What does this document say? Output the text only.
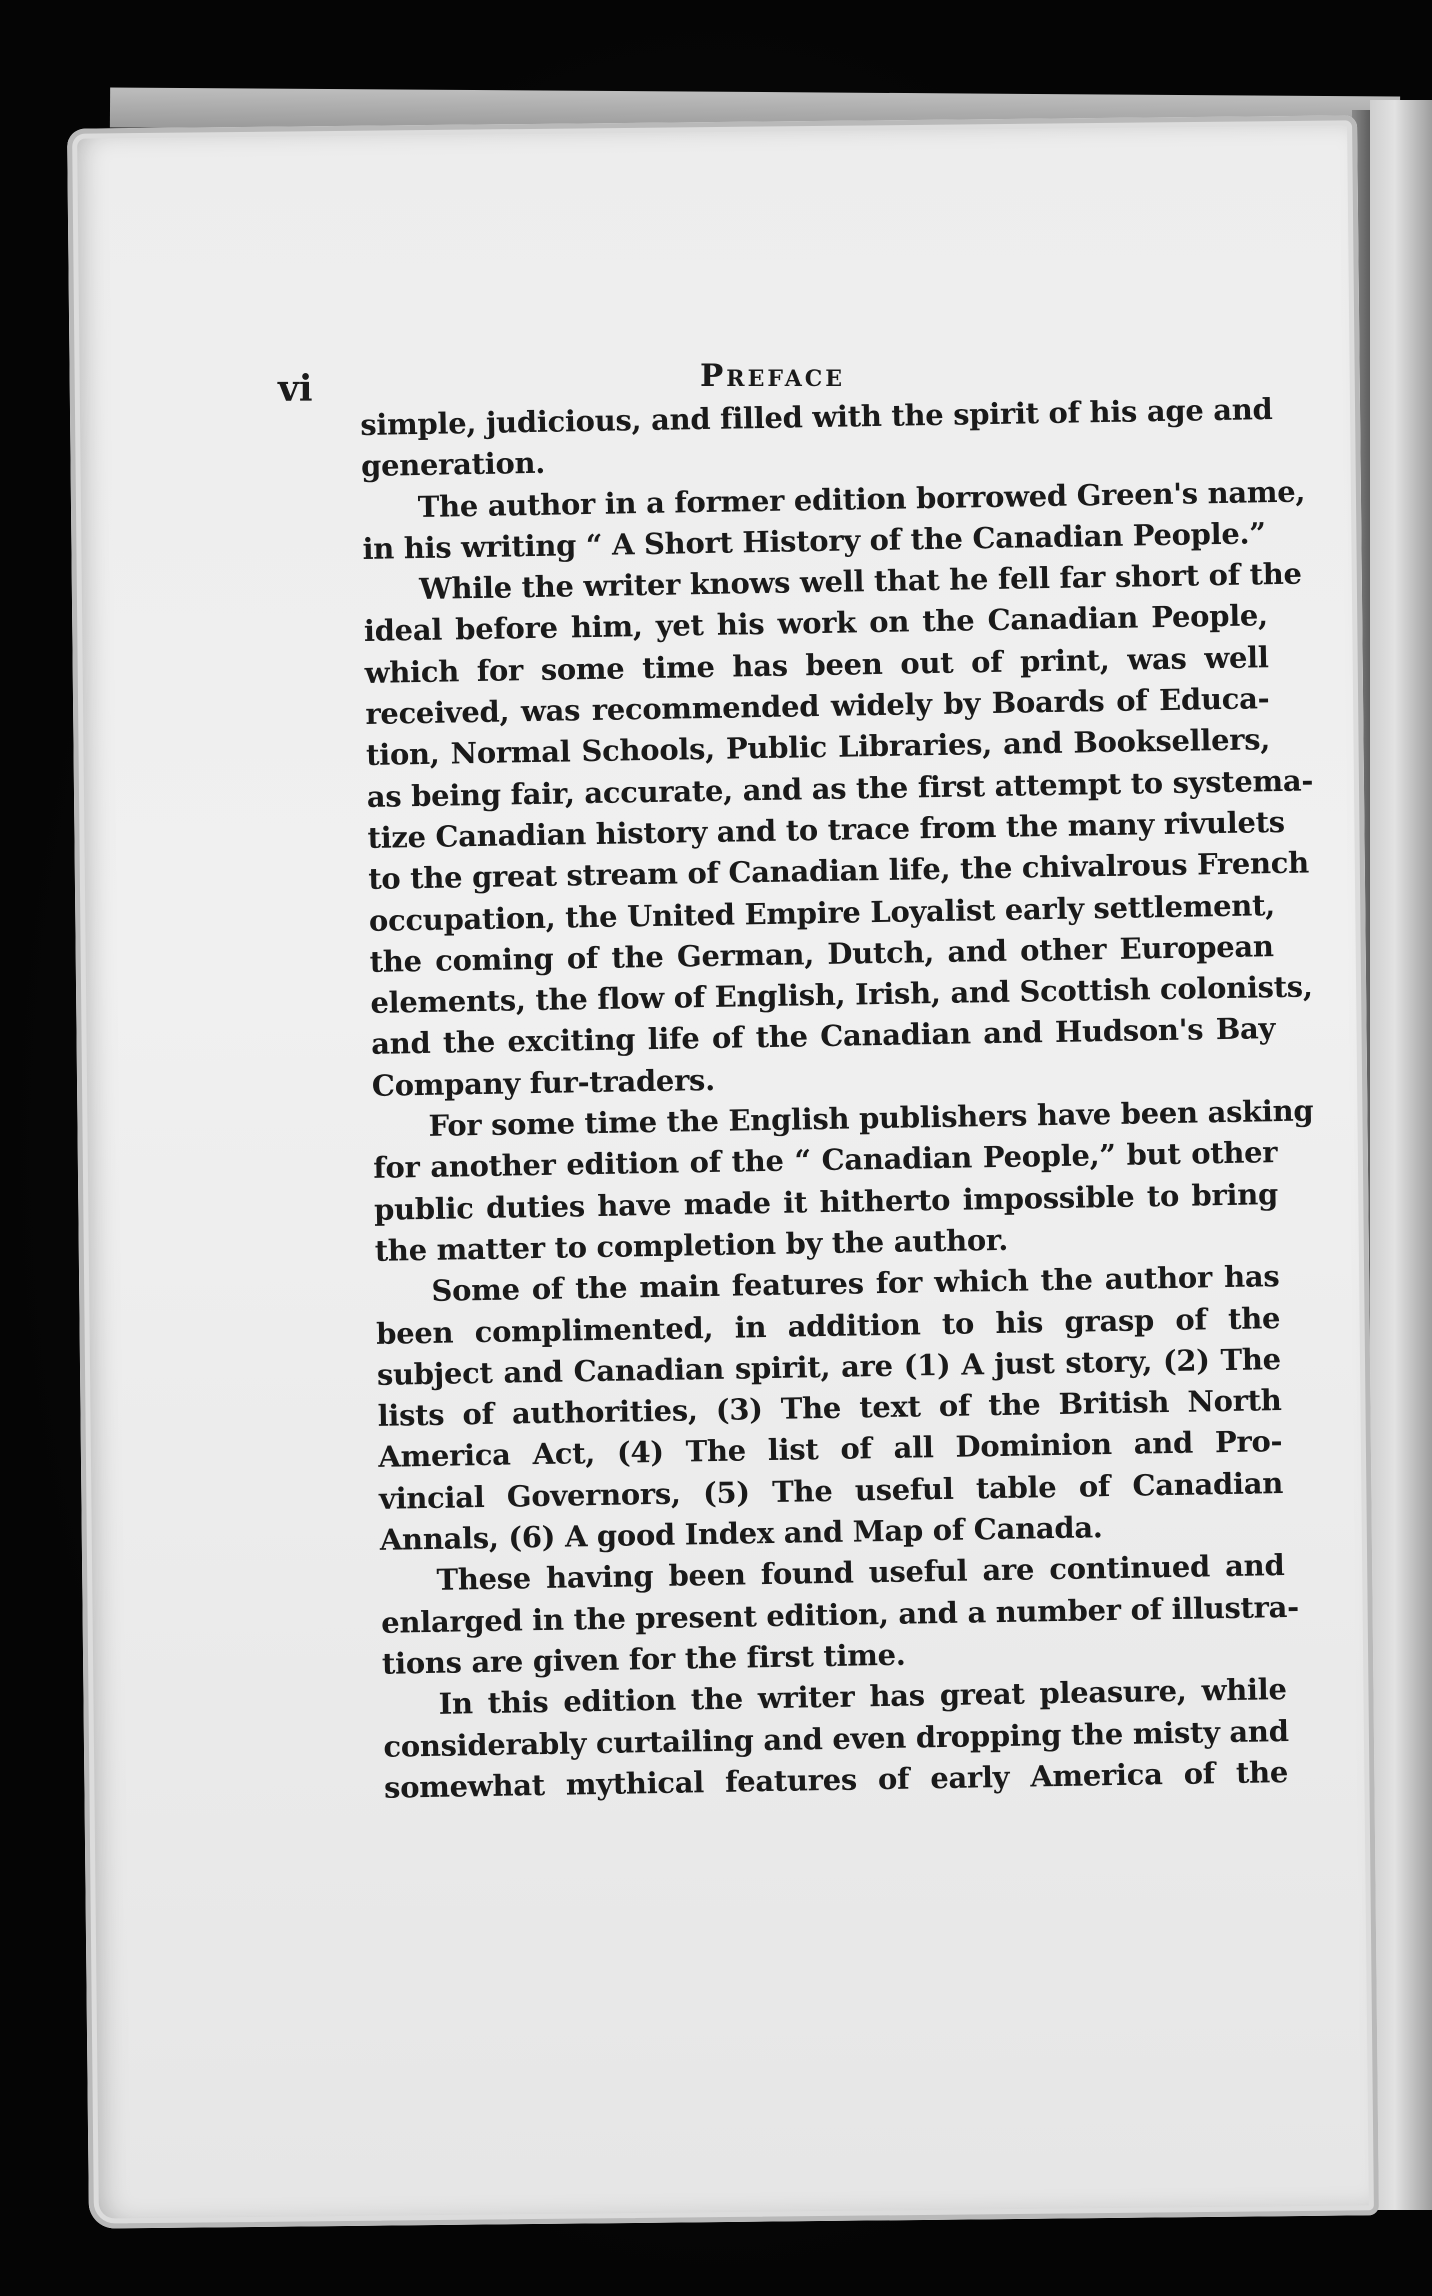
vi	Preface
simple, judicious, and filled with the spirit of his age and
generation.
The author in a former edition borrowed Green's name,
in his writing “ A Short History of the Canadian People.”
While the writer knows well that he fell far short of the
ideal before him, yet his work on the Canadian People,
which for some time has been out of print, was well
received, was recommended widely by Boards of Educa-
tion, Normal Schools, Public Libraries, and Booksellers,
as being fair, accurate, and as the first attempt to systema-
tize Canadian history and to trace from the many rivulets
to the great stream of Canadian life, the chivalrous French
occupation, the United Empire Loyalist early settlement,
the coming of the German, Dutch, and other European
elements, the flow of English, Irish, and Scottish colonists,
and the exciting life of the Canadian and Hudson's Bay
Company fur-traders.
For some time the English publishers have been asking
for another edition of the “ Canadian People,” but other
public duties have made it hitherto impossible to bring
the matter to completion by the author.
Some of the main features for which the author has
been complimented, in addition to his grasp of the
subject and Canadian spirit, are (1) A just story, (2) The
lists of authorities, (3) The text of the British North
America Act, (4) The list of all Dominion and Pro-
vincial Governors, (5) The useful table of Canadian
Annals, (6) A good Index and Map of Canada.
These having been found useful are continued and
enlarged in the present edition, and a number of illustra-
tions are given for the first time.
In this edition the writer has great pleasure, while
considerably curtailing and even dropping the misty and
somewhat mythical features of early America of the
